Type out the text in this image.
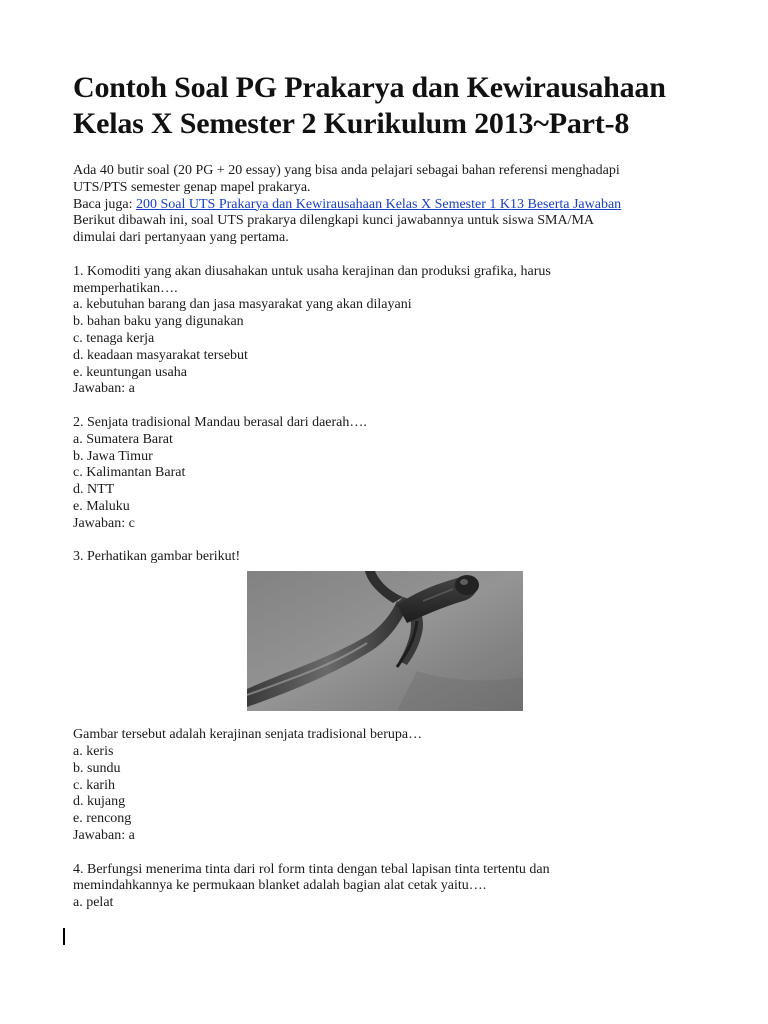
Contoh Soal PG Prakarya dan Kewirausahaan
Kelas X Semester 2 Kurikulum 2013~Part-8
Ada 40 butir soal (20 PG + 20 essay) yang bisa anda pelajari sebagai bahan referensi menghadapi
UTS/PTS semester genap mapel prakarya.
Baca juga: 200 Soal UTS Prakarya dan Kewirausahaan Kelas X Semester 1 K13 Beserta Jawaban
Berikut dibawah ini, soal UTS prakarya dilengkapi kunci jawabannya untuk siswa SMA/MA
dimulai dari pertanyaan yang pertama.
1. Komoditi yang akan diusahakan untuk usaha kerajinan dan produksi grafika, harus
memperhatikan….
a. kebutuhan barang dan jasa masyarakat yang akan dilayani
b. bahan baku yang digunakan
c. tenaga kerja
d. keadaan masyarakat tersebut
e. keuntungan usaha
Jawaban: a
2. Senjata tradisional Mandau berasal dari daerah….
a. Sumatera Barat
b. Jawa Timur
c. Kalimantan Barat
d. NTT
e. Maluku
Jawaban: c
3. Perhatikan gambar berikut!
Gambar tersebut adalah kerajinan senjata tradisional berupa…
a. keris
b. sundu
c. karih
d. kujang
e. rencong
Jawaban: a
4. Berfungsi menerima tinta dari rol form tinta dengan tebal lapisan tinta tertentu dan
memindahkannya ke permukaan blanket adalah bagian alat cetak yaitu….
a. pelat
